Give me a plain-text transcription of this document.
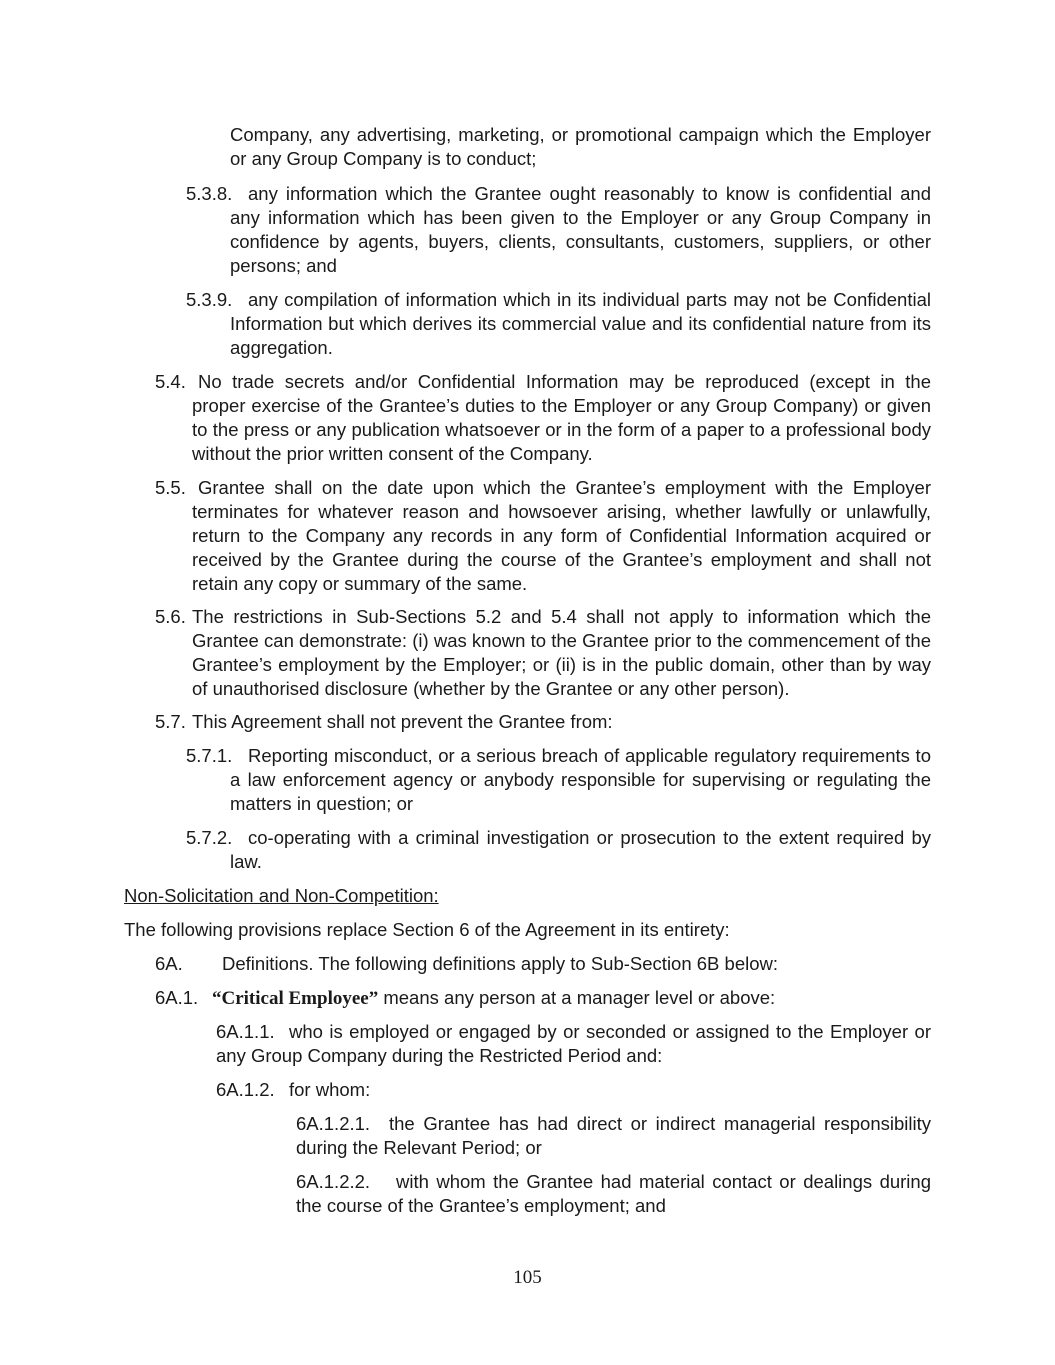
Company, any advertising, marketing, or promotional campaign which the Employer or any Group Company is to conduct;

5.3.8. any information which the Grantee ought reasonably to know is confidential and any information which has been given to the Employer or any Group Company in confidence by agents, buyers, clients, consultants, customers, suppliers, or other persons; and

5.3.9. any compilation of information which in its individual parts may not be Confidential Information but which derives its commercial value and its confidential nature from its aggregation.

5.4. No trade secrets and/or Confidential Information may be reproduced (except in the proper exercise of the Grantee’s duties to the Employer or any Group Company) or given to the press or any publication whatsoever or in the form of a paper to a professional body without the prior written consent of the Company.

5.5. Grantee shall on the date upon which the Grantee’s employment with the Employer terminates for whatever reason and howsoever arising, whether lawfully or unlawfully, return to the Company any records in any form of Confidential Information acquired or received by the Grantee during the course of the Grantee’s employment and shall not retain any copy or summary of the same.

5.6. The restrictions in Sub-Sections 5.2 and 5.4 shall not apply to information which the Grantee can demonstrate: (i) was known to the Grantee prior to the commencement of the Grantee’s employment by the Employer; or (ii) is in the public domain, other than by way of unauthorised disclosure (whether by the Grantee or any other person).

5.7. This Agreement shall not prevent the Grantee from:
5.7.1. Reporting misconduct, or a serious breach of applicable regulatory requirements to a law enforcement agency or anybody responsible for supervising or regulating the matters in question; or

5.7.2. co-operating with a criminal investigation or prosecution to the extent required by law.

Non-Solicitation and Non-Competition:
The following provisions replace Section 6 of the Agreement in its entirety:
6A. Definitions. The following definitions apply to Sub-Section 6B below:
6A.1. “Critical Employee” means any person at a manager level or above:
6A.1.1. who is employed or engaged by or seconded or assigned to the Employer or any Group Company during the Restricted Period and:

6A.1.2. for whom:
6A.1.2.1.	the Grantee has had direct or indirect managerial responsibility during the Relevant Period; or

6A.1.2.2.	with whom the Grantee had material contact or dealings during the course of the Grantee’s employment; and

105
